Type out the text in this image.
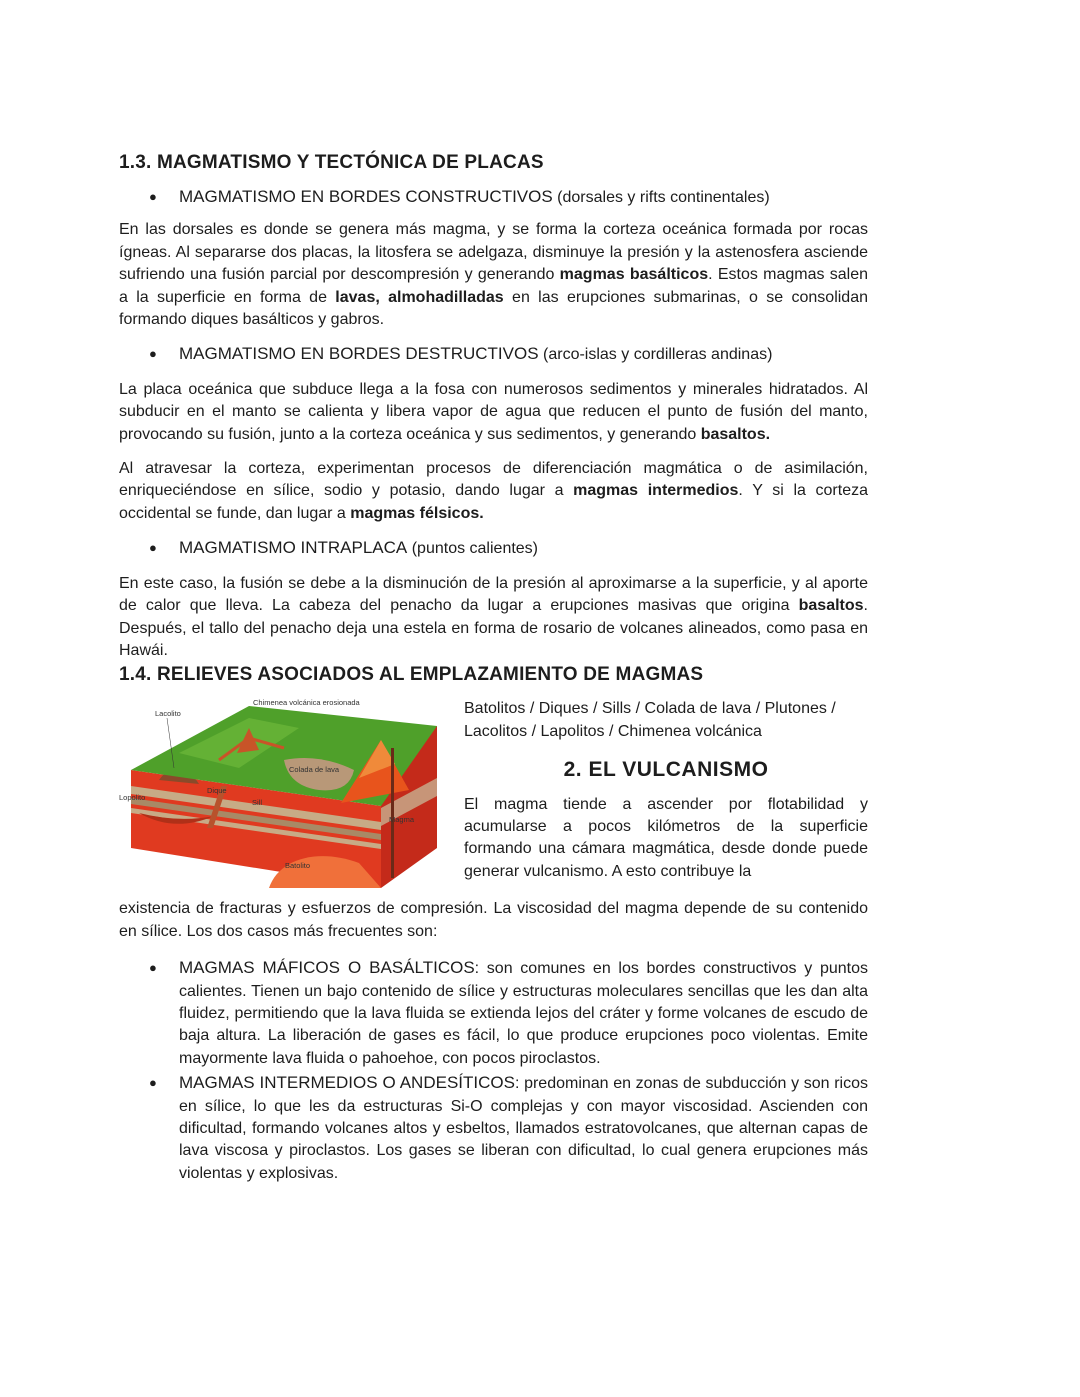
1.3. MAGMATISMO Y TECTÓNICA DE PLACAS
● MAGMATISMO EN BORDES CONSTRUCTIVOS (dorsales y rifts continentales)

En las dorsales es donde se genera más magma, y se forma la corteza oceánica formada por rocas ígneas. Al separarse dos placas, la litosfera se adelgaza, disminuye la presión y la astenosfera asciende sufriendo una fusión parcial por descompresión y generando magmas basálticos. Estos magmas salen a la superficie en forma de lavas, almohadilladas en las erupciones submarinas, o se consolidan formando diques basálticos y gabros.

● MAGMATISMO EN BORDES DESTRUCTIVOS (arco-islas y cordilleras andinas)

La placa oceánica que subduce llega a la fosa con numerosos sedimentos y minerales hidratados. Al subducir en el manto se calienta y libera vapor de agua que reducen el punto de fusión del manto, provocando su fusión, junto a la corteza oceánica y sus sedimentos, y generando basaltos.

Al atravesar la corteza, experimentan procesos de diferenciación magmática o de asimilación, enriqueciéndose en sílice, sodio y potasio, dando lugar a magmas intermedios. Y si la corteza occidental se funde, dan lugar a magmas félsicos.

● MAGMATISMO INTRAPLACA (puntos calientes)

En este caso, la fusión se debe a la disminución de la presión al aproximarse a la superficie, y al aporte de calor que lleva. La cabeza del penacho da lugar a erupciones masivas que origina basaltos. Después, el tallo del penacho deja una estela en forma de rosario de volcanes alineados, como pasa en Hawái.

1.4. RELIEVES ASOCIADOS AL EMPLAZAMIENTO DE MAGMAS
Chimenea volcánica erosionada
Lacolito
Lopolito
Dique
Sill
Colada de lava
Magma
Batolito
Batolitos / Diques / Sills / Colada de lava / Plutones / Lacolitos / Lapolitos / Chimenea volcánica
2. EL VULCANISMO

El magma tiende a ascender por flotabilidad y acumularse a pocos kilómetros de la superficie formando una cámara magmática, desde donde puede generar vulcanismo. A esto contribuye la

existencia de fracturas y esfuerzos de compresión. La viscosidad del magma depende de su contenido en sílice. Los dos casos más frecuentes son:

● MAGMAS MÁFICOS O BASÁLTICOS: son comunes en los bordes constructivos y puntos calientes. Tienen un bajo contenido de sílice y estructuras moleculares sencillas que les dan alta fluidez, permitiendo que la lava fluida se extienda lejos del cráter y forme volcanes de escudo de baja altura. La liberación de gases es fácil, lo que produce erupciones poco violentas. Emite mayormente lava fluida o pahoehoe, con pocos piroclastos.

● MAGMAS INTERMEDIOS O ANDESÍTICOS: predominan en zonas de subducción y son ricos en sílice, lo que les da estructuras Si-O complejas y con mayor viscosidad. Ascienden con dificultad, formando volcanes altos y esbeltos, llamados estratovolcanes, que alternan capas de lava viscosa y piroclastos. Los gases se liberan con dificultad, lo cual genera erupciones más violentas y explosivas.
